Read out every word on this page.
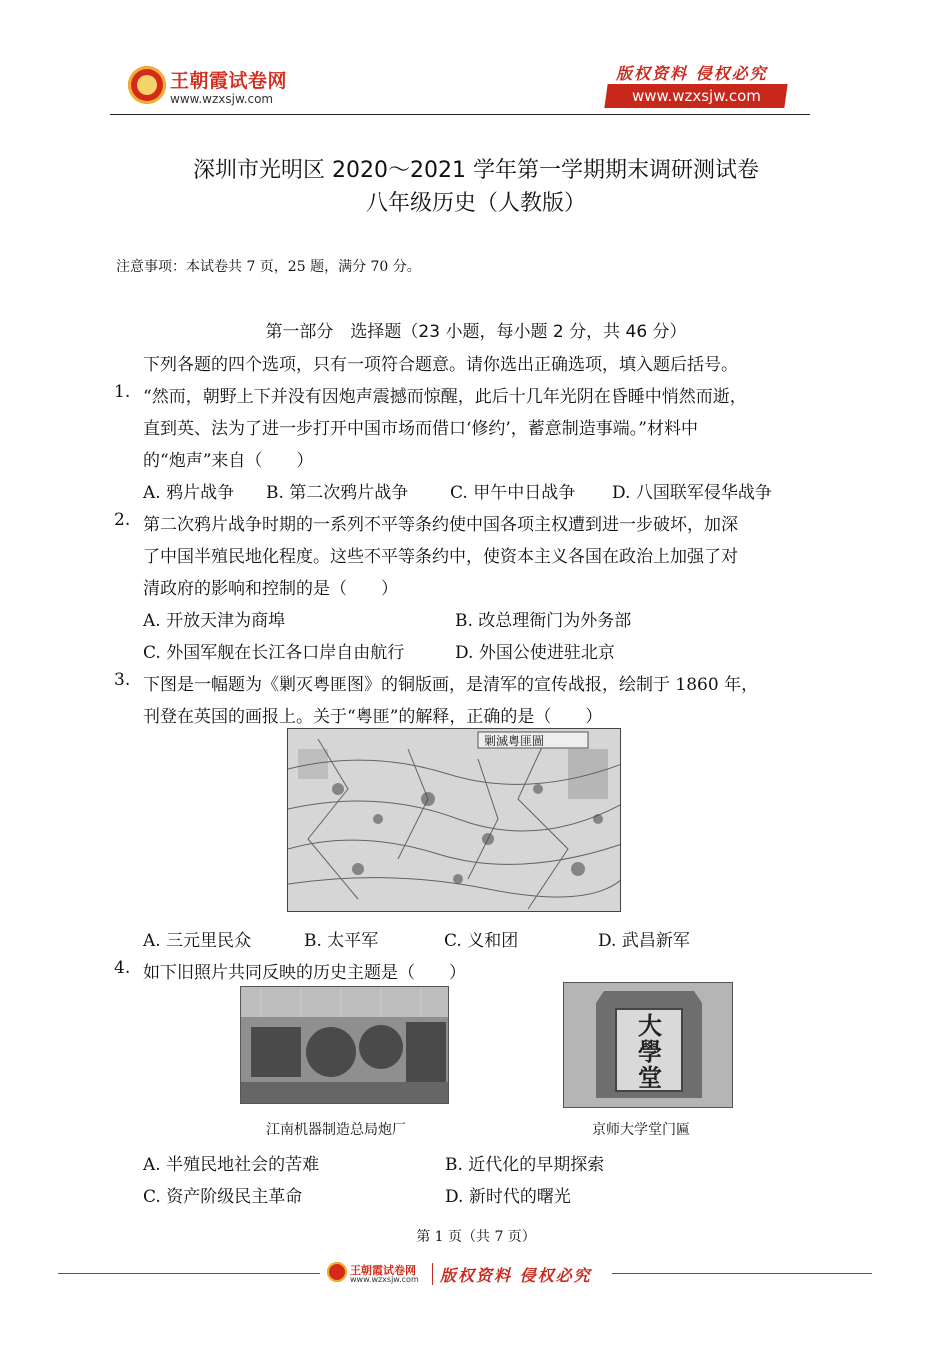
王朝霞试卷网
www.wzxsjw.com
版权资料 侵权必究
www.wzxsjw.com
深圳市光明区 2020～2021 学年第一学期期末调研测试卷
八年级历史（人教版）
注意事项：本试卷共 7 页，25 题，满分 70 分。
第一部分　选择题（23 小题，每小题 2 分，共 46 分）
下列各题的四个选项，只有一项符合题意。请你选出正确选项，填入题后括号。
1. “然而，朝野上下并没有因炮声震撼而惊醒，此后十几年光阴在昏睡中悄然而逝，
直到英、法为了进一步打开中国市场而借口‘修约’，蓄意制造事端。”材料中
的“炮声”来自（　　）
A. 鸦片战争 B. 第二次鸦片战争 C. 甲午中日战争 D. 八国联军侵华战争
2. 第二次鸦片战争时期的一系列不平等条约使中国各项主权遭到进一步破坏，加深
了中国半殖民地化程度。这些不平等条约中，使资本主义各国在政治上加强了对
清政府的影响和控制的是（　　）
A. 开放天津为商埠	B. 改总理衙门为外务部
C. 外国军舰在长江各口岸自由航行	D. 外国公使进驻北京
3. 下图是一幅题为《剿灭粤匪图》的铜版画，是清军的宣传战报，绘制于 1860 年，
刊登在英国的画报上。关于“粤匪”的解释，正确的是（　　）
剿滅粵匪圖
A. 三元里民众	B. 太平军	C. 义和团	D. 武昌新军
4. 如下旧照片共同反映的历史主题是（　　）
大學堂
江南机器制造总局炮厂	京师大学堂门匾
A. 半殖民地社会的苦难	B. 近代化的早期探索
C. 资产阶级民主革命	D. 新时代的曙光
第 1 页（共 7 页）
王朝霞试卷网
www.wzxsjw.com 版权资料 侵权必究
